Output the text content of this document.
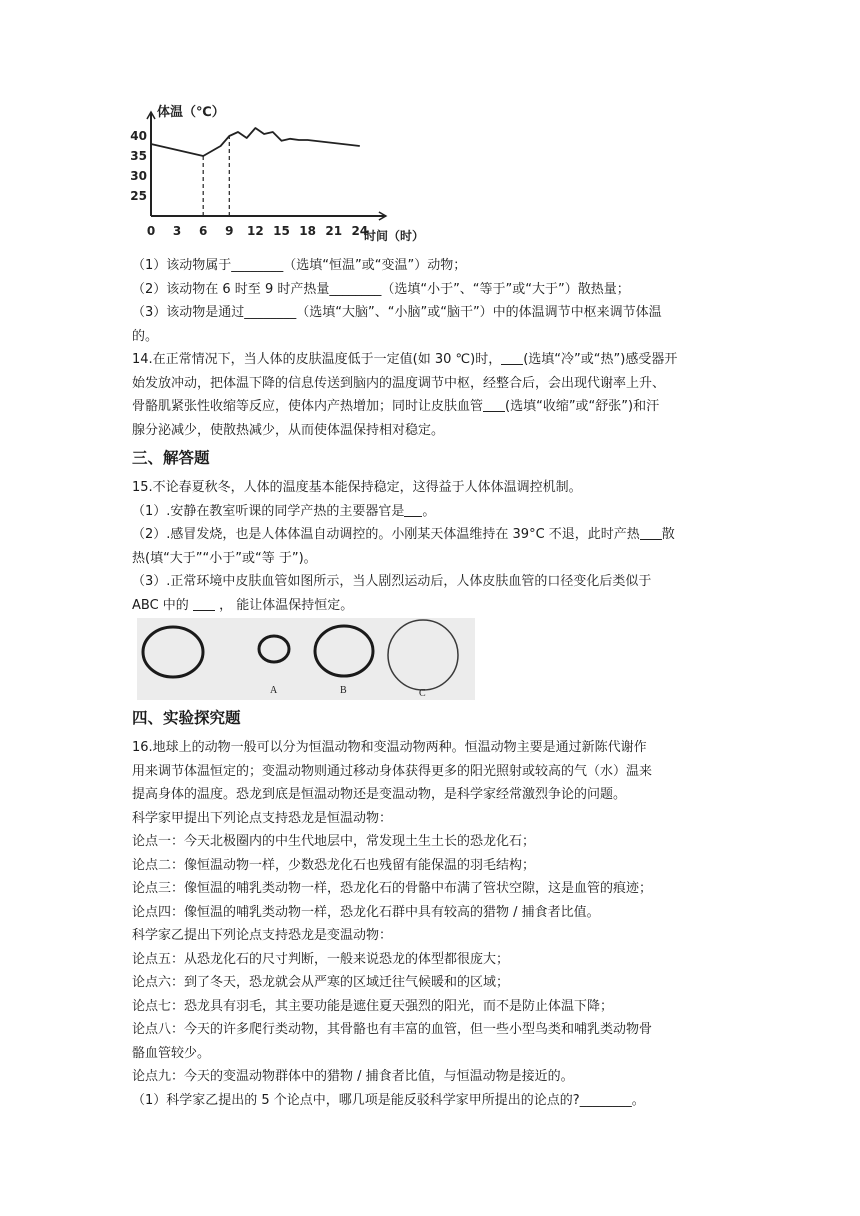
体温（℃）
时间（时）
0 3 6 9 12 15 18 21 24
40
35
30
25
（1）该动物属于________（选填“恒温”或“变温”）动物；
（2）该动物在 6 时至 9 时产热量________（选填“小于”、“等于”或“大于”）散热量；
（3）该动物是通过________（选填“大脑”、“小脑”或“脑干”）中的体温调节中枢来调节体温
的。
14.在正常情况下，当人体的皮肤温度低于一定值(如 30 ℃)时， (选填“冷”或“热”)感受器开
始发放冲动，把体温下降的信息传送到脑内的温度调节中枢，经整合后，会出现代谢率上升、
骨骼肌紧张性收缩等反应，使体内产热增加；同时让皮肤血管 (选填“收缩”或“舒张”)和汗
腺分泌减少，使散热减少，从而使体温保持相对稳定。
三、解答题
15.不论春夏秋冬，人体的温度基本能保持稳定，这得益于人体体温调控机制。
（1）.安静在教室听课的同学产热的主要器官是 。
（2）.感冒发烧，也是人体体温自动调控的。小刚某天体温维持在 39°C 不退，此时产热 散
热(填“大于”“小于”或“等 于”)。
（3）.正常环境中皮肤血管如图所示，当人剧烈运动后，人体皮肤血管的口径变化后类似于
ABC 中的 ， 能让体温保持恒定。
A	B	C
四、实验探究题
16.地球上的动物一般可以分为恒温动物和变温动物两种。恒温动物主要是通过新陈代谢作
用来调节体温恒定的；变温动物则通过移动身体获得更多的阳光照射或较高的气（水）温来
提高身体的温度。恐龙到底是恒温动物还是变温动物，是科学家经常激烈争论的问题。
科学家甲提出下列论点支持恐龙是恒温动物：
论点一：今天北极圈内的中生代地层中，常发现土生土长的恐龙化石；
论点二：像恒温动物一样，少数恐龙化石也残留有能保温的羽毛结构；
论点三：像恒温的哺乳类动物一样，恐龙化石的骨骼中布满了管状空隙，这是血管的痕迹；
论点四：像恒温的哺乳类动物一样，恐龙化石群中具有较高的猎物 / 捕食者比值。
科学家乙提出下列论点支持恐龙是变温动物：
论点五：从恐龙化石的尺寸判断，一般来说恐龙的体型都很庞大；
论点六：到了冬天，恐龙就会从严寒的区域迁往气候暖和的区域；
论点七：恐龙具有羽毛，其主要功能是遮住夏天强烈的阳光，而不是防止体温下降；
论点八：今天的许多爬行类动物，其骨骼也有丰富的血管，但一些小型鸟类和哺乳类动物骨
骼血管较少。
论点九：今天的变温动物群体中的猎物 / 捕食者比值，与恒温动物是接近的。
（1）科学家乙提出的 5 个论点中，哪几项是能反驳科学家甲所提出的论点的?________。
